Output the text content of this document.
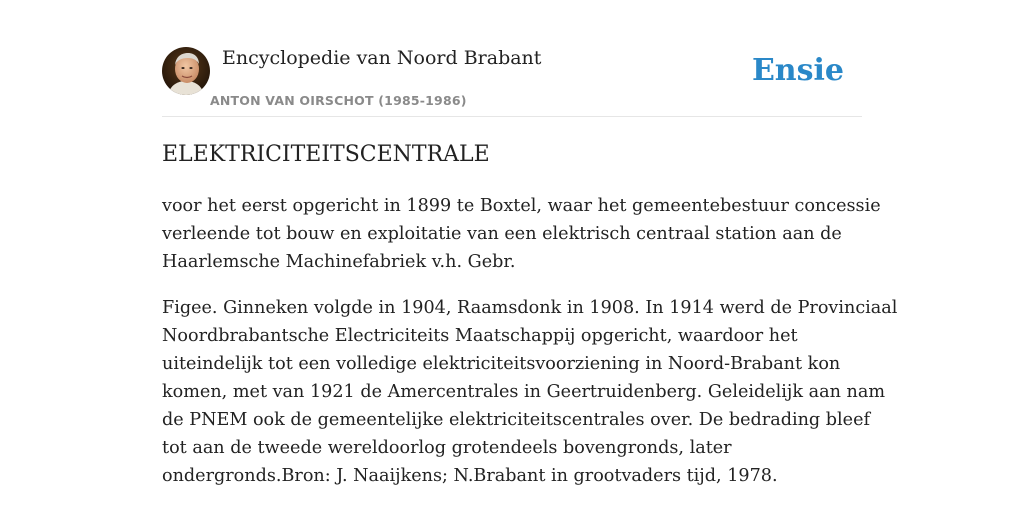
Encyclopedie van Noord Brabant
ANTON VAN OIRSCHOT (1985-1986)
Ensie
ELEKTRICITEITSCENTRALE

voor het eerst opgericht in 1899 te Boxtel, waar het gemeentebestuur concessie
verleende tot bouw en exploitatie van een elektrisch centraal station aan de
Haarlemsche Machinefabriek v.h. Gebr.

Figee. Ginneken volgde in 1904, Raamsdonk in 1908. In 1914 werd de Provinciaal
Noordbrabantsche Electriciteits Maatschappij opgericht, waardoor het
uiteindelijk tot een volledige elektriciteitsvoorziening in Noord-Brabant kon
komen, met van 1921 de Amercentrales in Geertruidenberg. Geleidelijk aan nam
de PNEM ook de gemeentelijke elektriciteitscentrales over. De bedrading bleef
tot aan de tweede wereldoorlog grotendeels bovengronds, later
ondergronds.Bron: J. Naaijkens; N.Brabant in grootvaders tijd, 1978.
